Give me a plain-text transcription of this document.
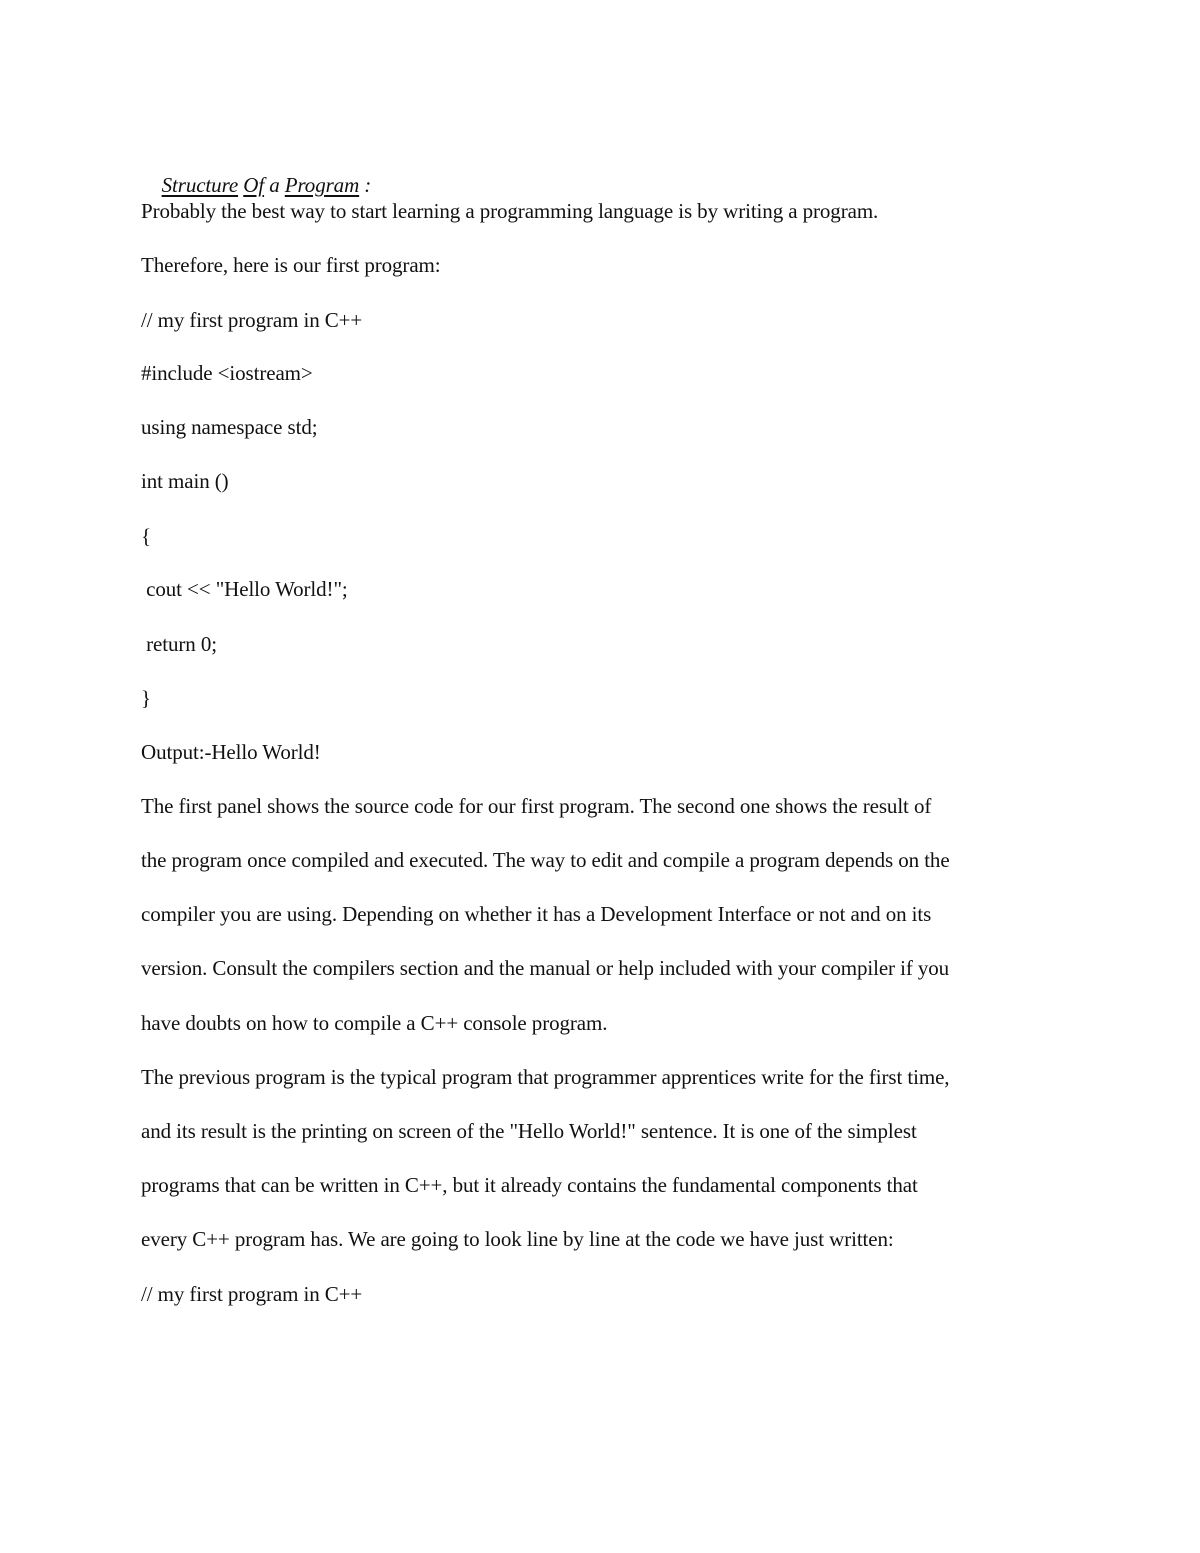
Structure Of a Program :

Probably the best way to start learning a programming language is by writing a program.
Therefore, here is our first program:
// my first program in C++
#include <iostream>
using namespace std;
int main ()
{
cout << "Hello World!";
return 0;
}
Output:-Hello World!
The first panel shows the source code for our first program. The second one shows the result of
the program once compiled and executed. The way to edit and compile a program depends on the
compiler you are using. Depending on whether it has a Development Interface or not and on its
version. Consult the compilers section and the manual or help included with your compiler if you
have doubts on how to compile a C++ console program.
The previous program is the typical program that programmer apprentices write for the first time,
and its result is the printing on screen of the "Hello World!" sentence. It is one of the simplest
programs that can be written in C++, but it already contains the fundamental components that
every C++ program has. We are going to look line by line at the code we have just written:
// my first program in C++
